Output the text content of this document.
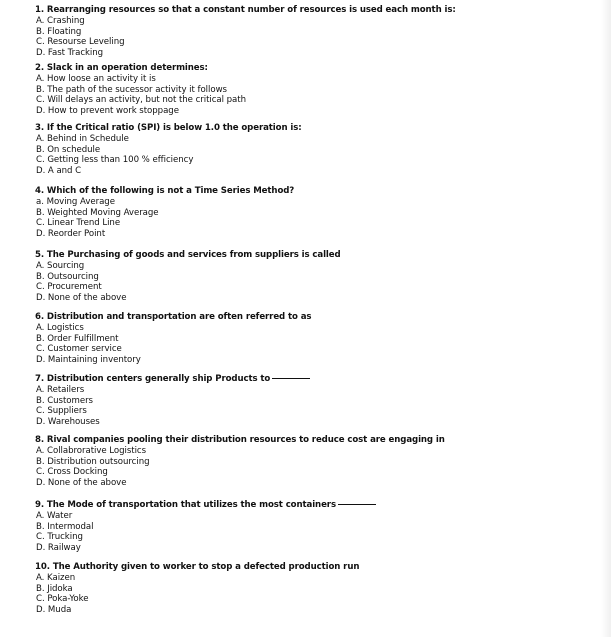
1. Rearranging resources so that a constant number of resources is used each month is:
A. Crashing
B. Floating
C. Resourse Leveling
D. Fast Tracking
2. Slack in an operation determines:
A. How loose an activity it is
B. The path of the sucessor activity it follows
C. Will delays an activity, but not the critical path
D. How to prevent work stoppage
3. If the Critical ratio (SPI) is below 1.0 the operation is:
A. Behind in Schedule
B. On schedule
C. Getting less than 100 % efficiency
D. A and C
4. Which of the following is not a Time Series Method?
a. Moving Average
B. Weighted Moving Average
C. Linear Trend Line
D. Reorder Point
5. The Purchasing of goods and services from suppliers is called
A. Sourcing
B. Outsourcing
C. Procurement
D. None of the above
6. Distribution and transportation are often referred to as
A. Logistics
B. Order Fulfillment
C. Customer service
D. Maintaining inventory
7. Distribution centers generally ship Products to
A. Retailers
B. Customers
C. Suppliers
D. Warehouses
8. Rival companies pooling their distribution resources to reduce cost are engaging in
A. Collabrorative Logistics
B. Distribution outsourcing
C. Cross Docking
D. None of the above
9. The Mode of transportation that utilizes the most containers
A. Water
B. Intermodal
C. Trucking
D. Railway
10. The Authority given to worker to stop a defected production run
A. Kaizen
B. Jidoka
C. Poka-Yoke
D. Muda
